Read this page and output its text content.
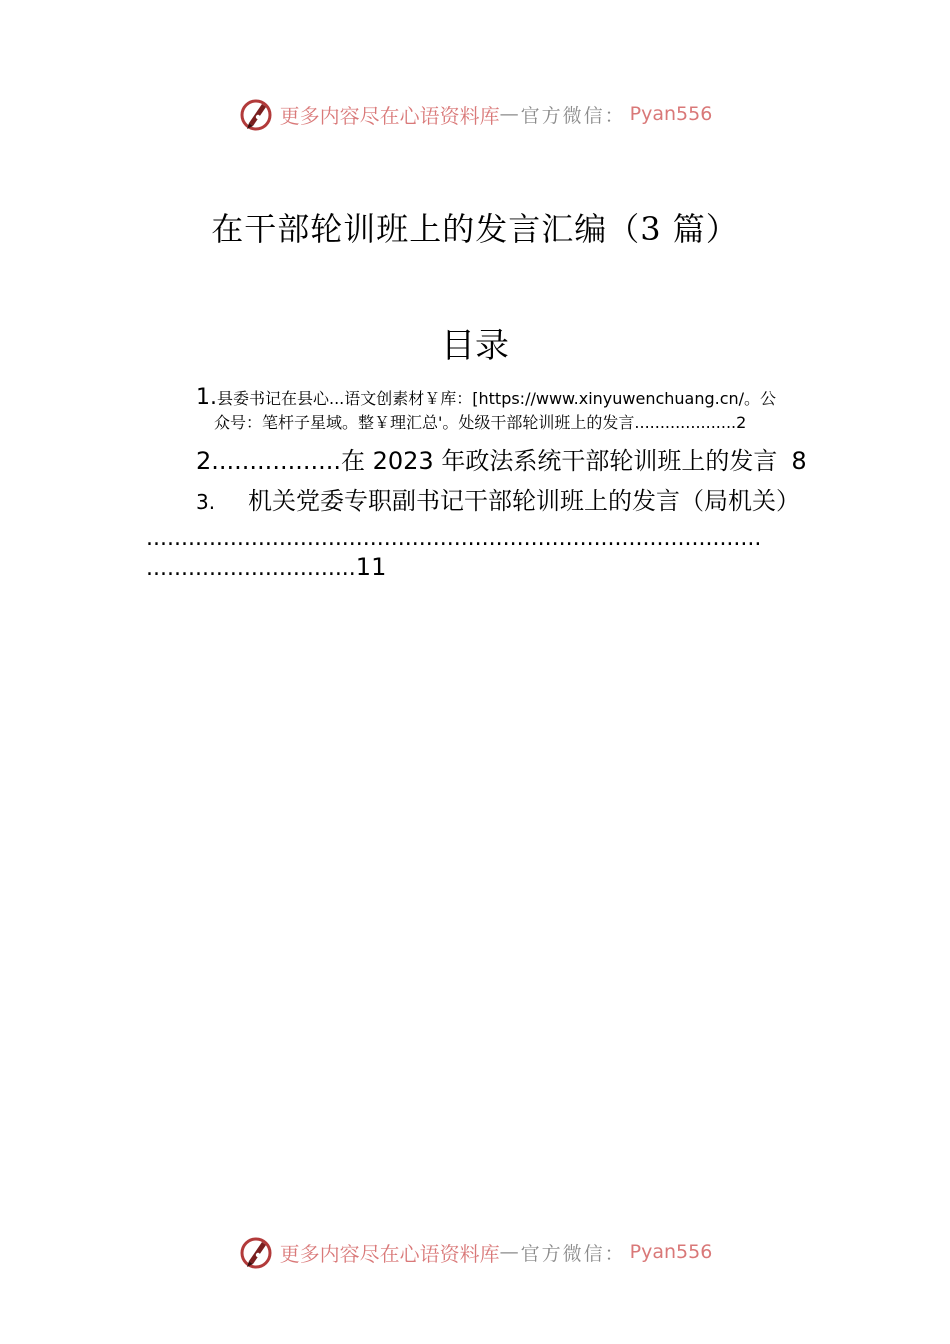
更多内容尽在心语资料库 — 官方微信： Pyan556
在干部轮训班上的发言汇编（3 篇）
目录
1.县委书记在县心...语文创素材￥库：[https://www.xinyuwenchuang.cn/。公
众号：笔杆子星域。整￥理汇总'。处级干部轮训班上的发言....................2
2.................在 2023 年政法系统干部轮训班上的发言 8
3. 机关党委专职副书记干部轮训班上的发言（局机关）
........................................................................................
..............................11
更多内容尽在心语资料库 — 官方微信： Pyan556
